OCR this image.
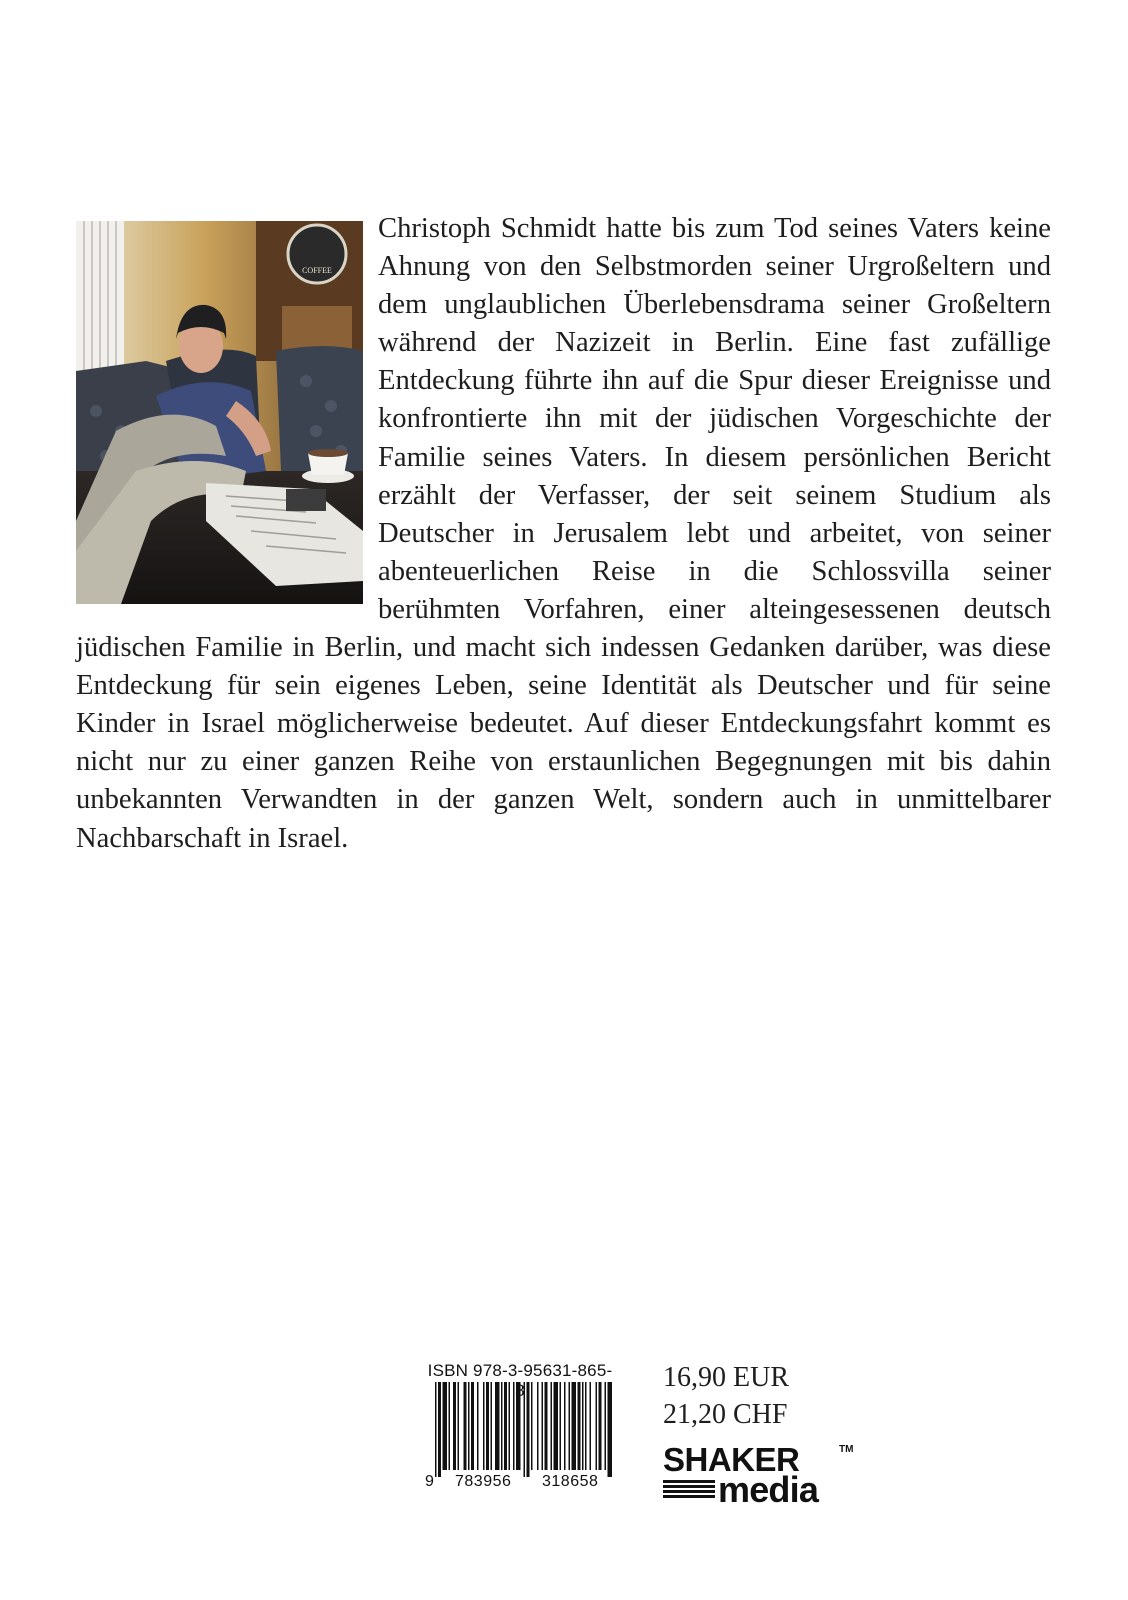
COFFEE

Christoph Schmidt hatte bis zum Tod seines Vaters keine Ahnung von den Selbstmorden seiner Urgroßeltern und dem unglaublichen Überlebensdrama seiner Großeltern während der Nazizeit in Berlin. Eine fast zufällige Entdeckung führte ihn auf die Spur dieser Ereignisse und konfrontierte ihn mit der jüdischen Vorgeschichte der Familie seines Vaters. In diesem persönlichen Bericht erzählt der Verfasser, der seit seinem Studium als Deutscher in Jerusalem lebt und arbeitet, von seiner abenteuerlichen Reise in die Schlossvilla seiner berühmten Vorfahren, einer alteingesessenen deutsch jüdischen Familie in Berlin, und macht sich indessen Gedanken darüber, was diese Entdeckung für sein eigenes Leben, seine Identität als Deutscher und für seine Kinder in Israel möglicherweise bedeutet. Auf dieser Entdeckungsfahrt kommt es nicht nur zu einer ganzen Reihe von erstaunlichen Begegnungen mit bis dahin unbekannten Verwandten in der ganzen Welt, sondern auch in unmittelbarer Nachbarschaft in Israel.

ISBN 978-3-95631-865-
9 783956 318658
16,90 EUR
21,20 CHF
SHAKER	TM
media
